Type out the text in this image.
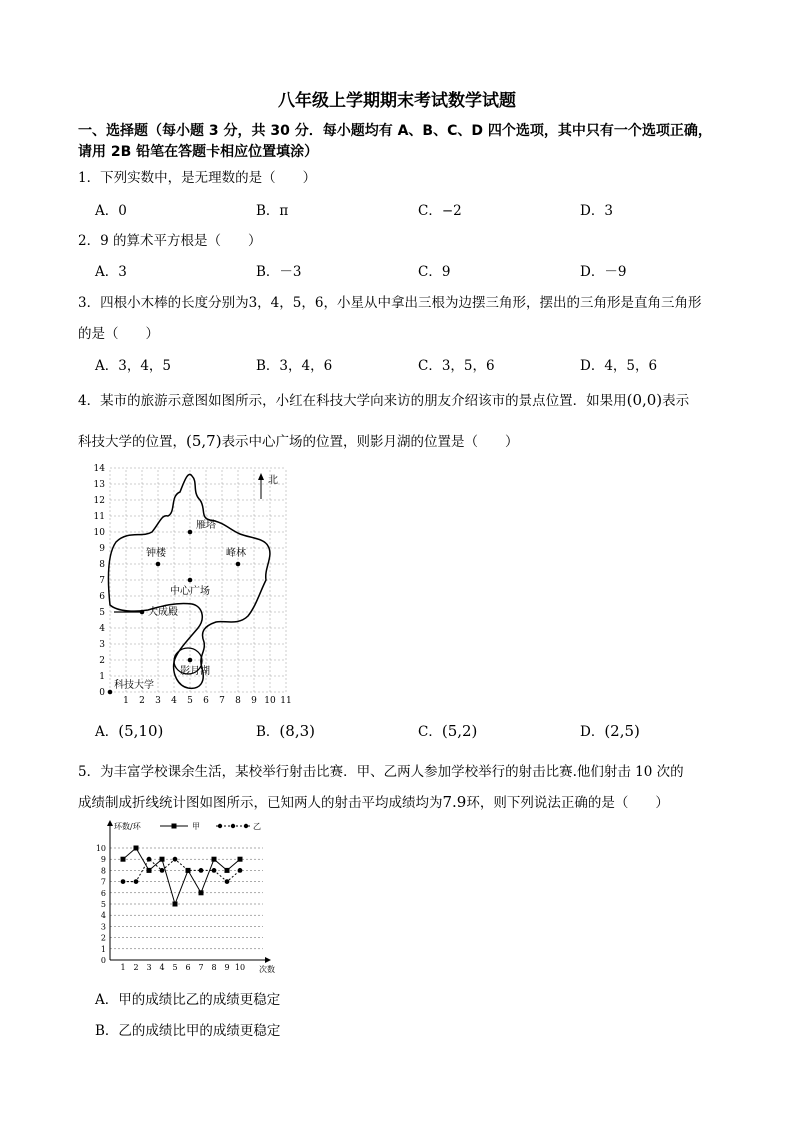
八年级上学期期末考试数学试题
一、选择题（每小题 3 分，共 30 分．每小题均有 A、B、C、D 四个选项，其中只有一个选项正确，
请用 2B 铅笔在答题卡相应位置填涂）
1．下列实数中，是无理数的是（　　）
A．0	B．π	C．−2	D．3
2．9 的算术平方根是（　　）
A．3	B．－3	C．9	D．－9
3．四根小木棒的长度分别为3，4，5，6，小星从中拿出三根为边摆三角形，摆出的三角形是直角三角形
的是（　　）
A．3，4，5	B．3，4，6	C．3，5，6	D．4，5，6
4．某市的旅游示意图如图所示，小红在科技大学向来访的朋友介绍该市的景点位置．如果用(0,0)表示
科技大学的位置，(5,7)表示中心广场的位置，则影月湖的位置是（　　）
0
1
2
3
4
5
6
7
8
9
10
11
12
13
14
1 2 3 4 5 6 7 8 9 10 11
雁塔
钟楼	峰林
中心广场
大成殿
影月湖
科技大学
北
A．(5,10)	B．(8,3)	C．(5,2)	D．(2,5)
5．为丰富学校课余生活，某校举行射击比赛．甲、乙两人参加学校举行的射击比赛.他们射击 10 次的
成绩制成折线统计图如图所示，已知两人的射击平均成绩均为7.9环，则下列说法正确的是（　　）
0
1
2
3
4
5
6
7
8
9
10
1 2 3 4 5 6 7 8 9 10
环数/环
次数
甲	乙
A．甲的成绩比乙的成绩更稳定
B．乙的成绩比甲的成绩更稳定
